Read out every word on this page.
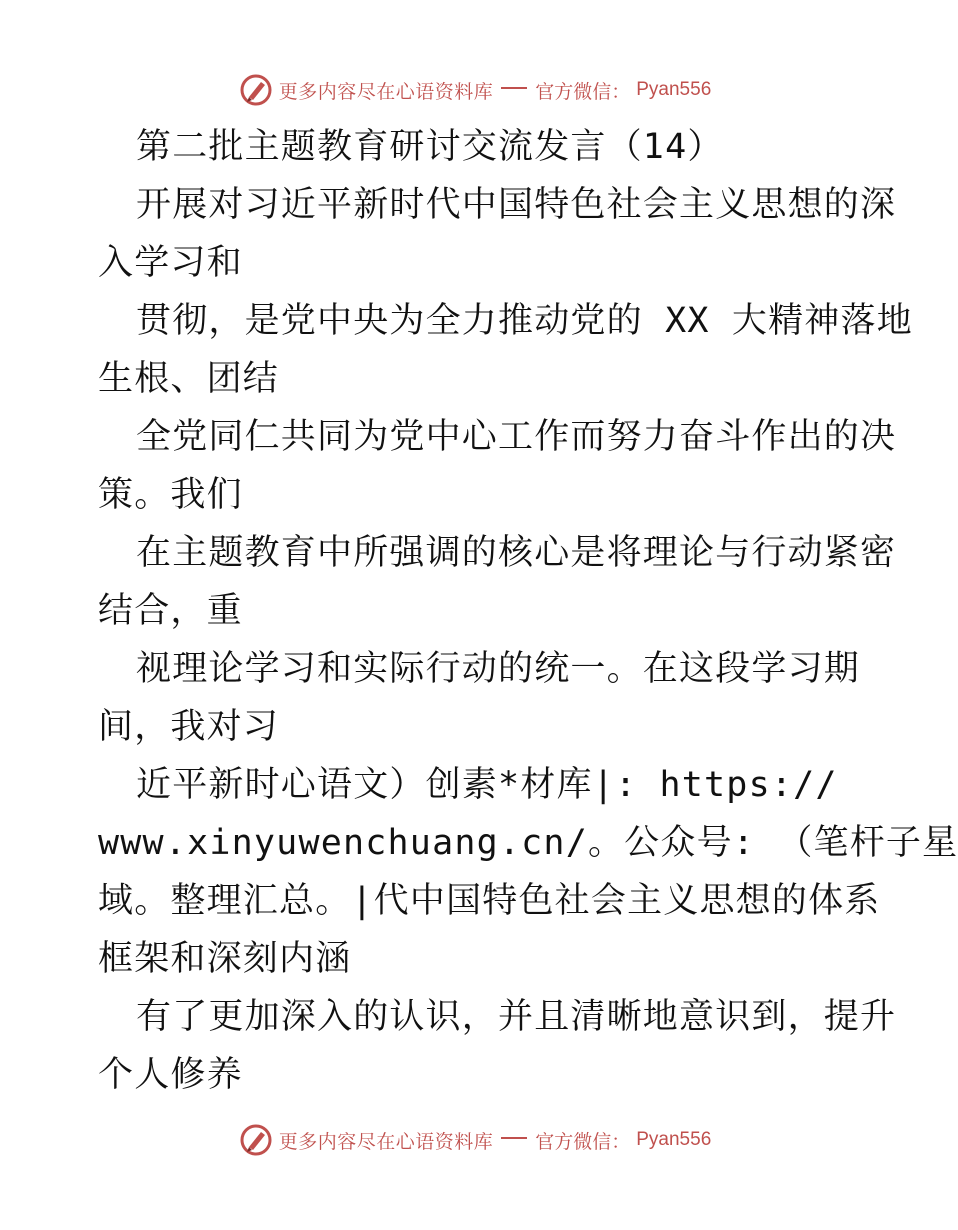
更多内容尽在心语资料库 官方微信： Pyan556
第二批主题教育研讨交流发言（14）
开展对习近平新时代中国特色社会主义思想的深
入学习和
贯彻，是党中央为全力推动党的 XX 大精神落地
生根、团结
全党同仁共同为党中心工作而努力奋斗作出的决
策。我们
在主题教育中所强调的核心是将理论与行动紧密
结合，重
视理论学习和实际行动的统一。在这段学习期
间，我对习
近平新时心语文）创素*材库|: https://
www.xinyuwenchuang.cn/。公众号: （笔杆子星
域。整理汇总。|代中国特色社会主义思想的体系
框架和深刻内涵
有了更加深入的认识，并且清晰地意识到，提升
个人修养
更多内容尽在心语资料库 官方微信： Pyan556
